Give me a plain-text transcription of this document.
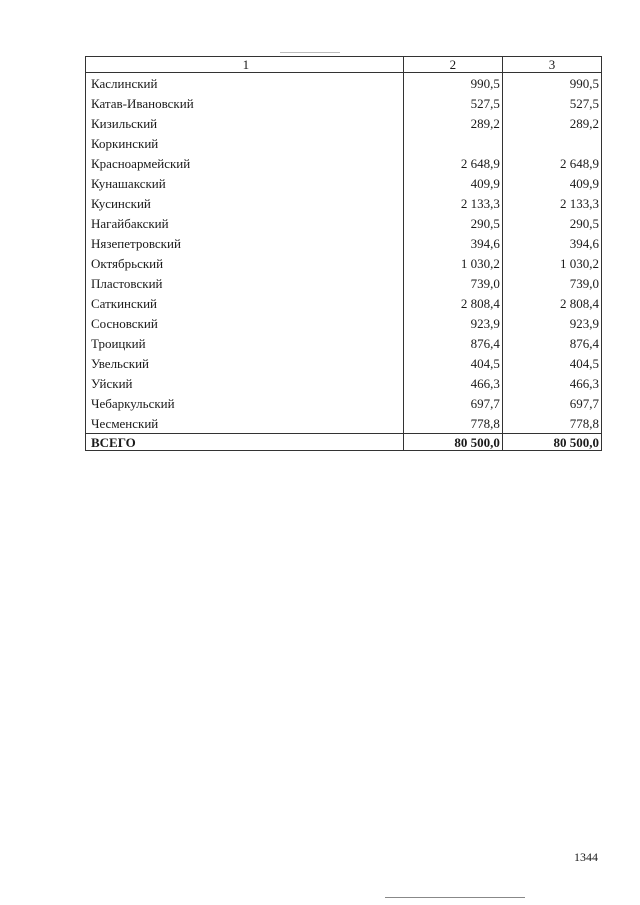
1	2	3
Каслинский	990,5	990,5
Катав-Ивановский	527,5	527,5
Кизильский	289,2	289,2
Коркинский		
Красноармейский	2 648,9	2 648,9
Кунашакский	409,9	409,9
Кусинский	2 133,3	2 133,3
Нагайбакский	290,5	290,5
Нязепетровский	394,6	394,6
Октябрьский	1 030,2	1 030,2
Пластовский	739,0	739,0
Саткинский	2 808,4	2 808,4
Сосновский	923,9	923,9
Троицкий	876,4	876,4
Увельский	404,5	404,5
Уйский	466,3	466,3
Чебаркульский	697,7	697,7
Чесменский	778,8	778,8
ВСЕГО	80 500,0	80 500,0
1344
